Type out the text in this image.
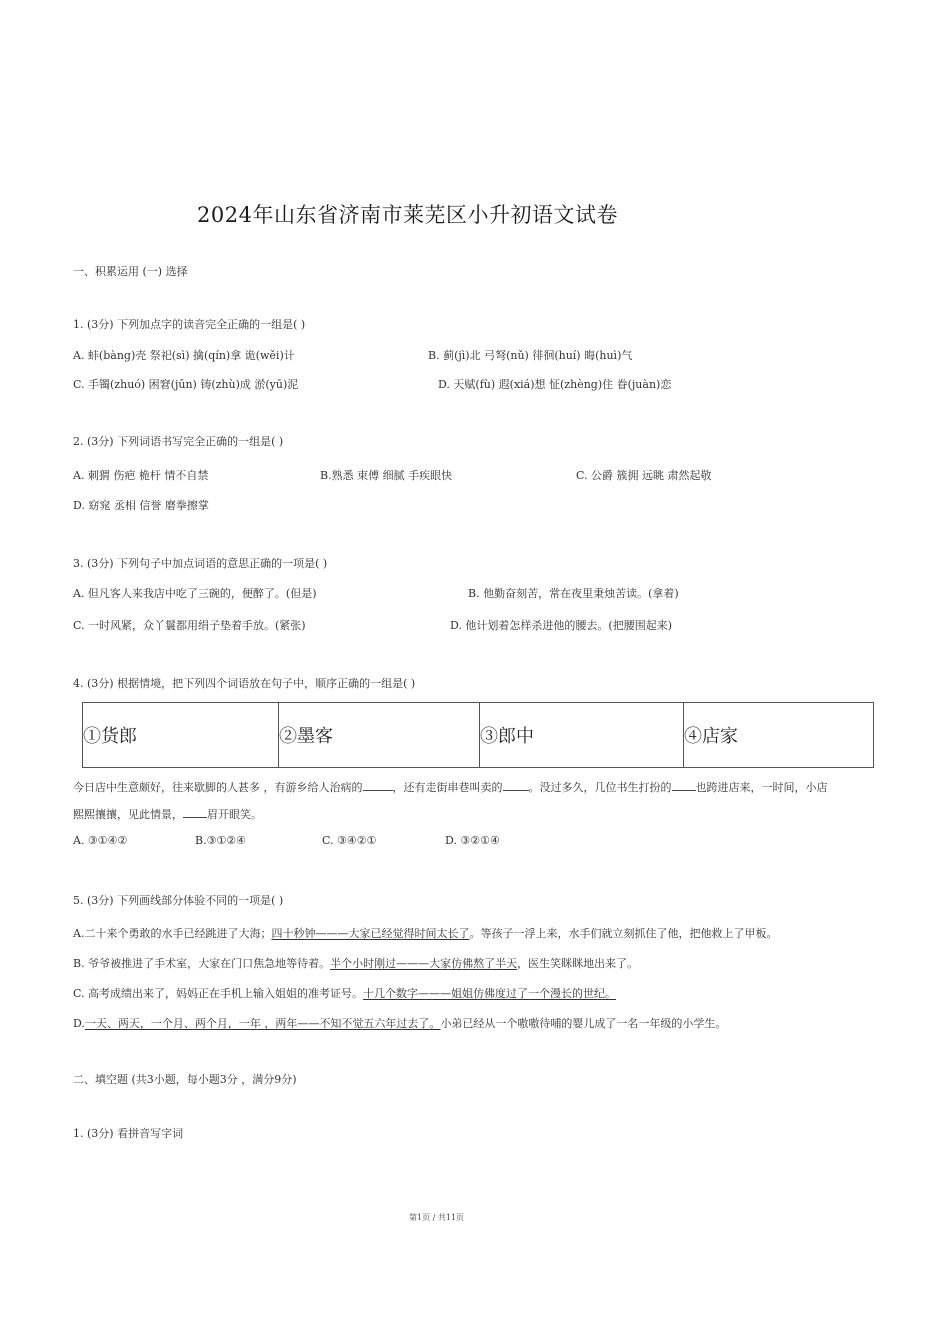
2024年山东省济南市莱芜区小升初语文试卷
一、积累运用 (一) 选择
1. (3分) 下列加点字的读音完全正确的一组是( )
A. 蚌(bàng)壳 祭祀(sì) 擒(qín)拿 诡(wěi)计	B. 蓟(jì)北 弓弩(nǔ) 徘徊(huí) 晦(huì)气
C. 手镯(zhuó) 困窘(jūn) 铸(zhù)成 淤(yū)泥	D. 天赋(fù) 遐(xiá)想 怔(zhèng)住 眷(juàn)恋
2. (3分) 下列词语书写完全正确的一组是( )
A. 刺猬 伤疤 桅杆 情不自禁	B.熟悉 束傅 细腻 手疾眼快	C. 公爵 簇拥 远眺 肃然起敬
D. 窈窕 丞相 信誉 磨拳擦掌
3. (3分) 下列句子中加点词语的意思正确的一项是( )
A. 但凡客人来我店中吃了三碗的，便醉了。(但是)	B. 他勤奋刻苦，常在夜里秉烛苦读。(拿着)
C. 一时风紧，众丫鬟都用绢子垫着手放。(紧张)	D. 他计划着怎样杀进他的腰去。(把腰围起来)
4. (3分) 根据情境，把下列四个词语放在句子中，顺序正确的一组是( )
①货郎	②墨客	③郎中	④店家
今日店中生意颇好，往来歇脚的人甚多 ，有游乡给人治病的	，还有走街串巷叫卖的 。没过多久，几位书生打扮的 也跨进店来，一时间，小店
熙熙攘攘，见此情景， 眉开眼笑。
A. ③①④②	B.③①②④	C. ③④②①	D. ③②①④
5. (3分) 下列画线部分体验不同的一项是( )
A.二十来个勇敢的水手已经跳进了大海；四十秒钟———大家已经觉得时间太长了。等孩子一浮上来，水手们就立刻抓住了他，把他救上了甲板。
B. 爷爷被推进了手术室，大家在门口焦急地等待着。半个小时刚过———大家仿佛熬了半天，医生笑眯眯地出来了。
C. 高考成绩出来了，妈妈正在手机上输入姐姐的准考证号。十几个数字———姐姐仿佛度过了一个漫长的世纪。
D.一天、两天，一个月、两个月，一年 ，两年——不知不觉五六年过去了。小弟已经从一个嗷嗷待哺的婴儿成了一名一年级的小学生。
二、填空题 (共3小题，每小题3分 ，满分9分)
1. (3分) 看拼音写字词
第1页 / 共11页
